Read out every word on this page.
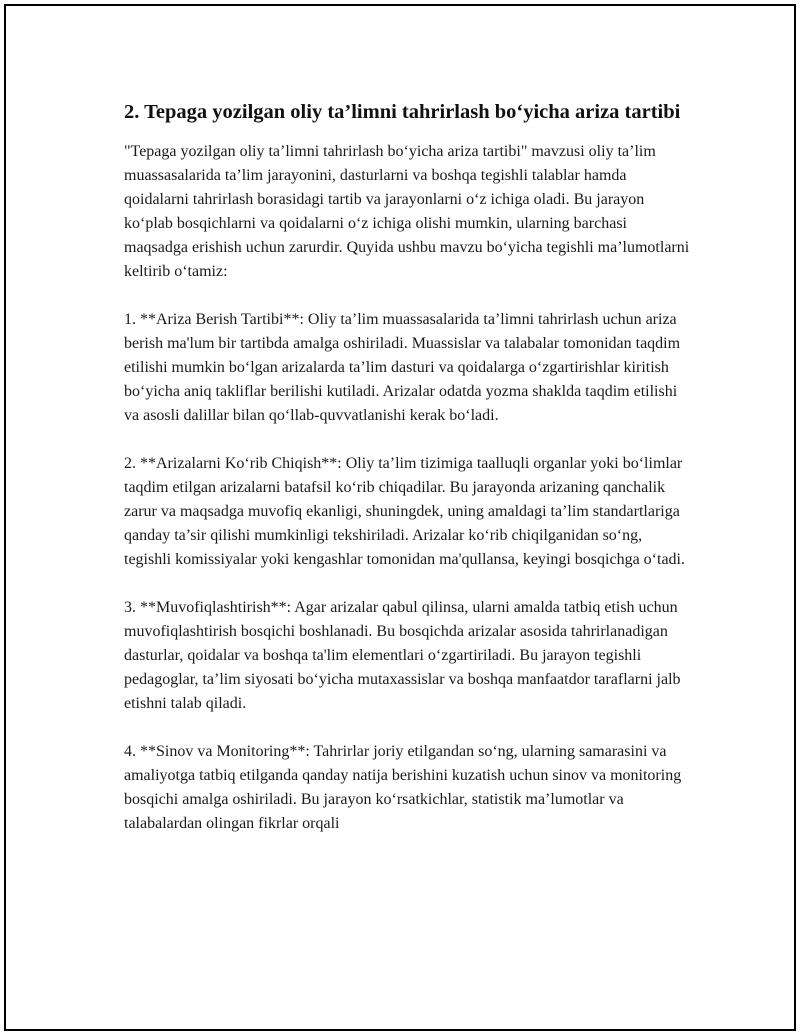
2. Tepaga yozilgan oliy ta’limni tahrirlash bo‘yicha ariza tartibi

"Tepaga yozilgan oliy ta’limni tahrirlash bo‘yicha ariza tartibi" mavzusi oliy ta’lim muassasalarida ta’lim jarayonini, dasturlarni va boshqa tegishli talablar hamda qoidalarni tahrirlash borasidagi tartib va jarayonlarni o‘z ichiga oladi. Bu jarayon ko‘plab bosqichlarni va qoidalarni o‘z ichiga olishi mumkin, ularning barchasi maqsadga erishish uchun zarurdir. Quyida ushbu mavzu bo‘yicha tegishli ma’lumotlarni keltirib o‘tamiz:

1. **Ariza Berish Tartibi**: Oliy ta’lim muassasalarida ta’limni tahrirlash uchun ariza berish ma'lum bir tartibda amalga oshiriladi. Muassislar va talabalar tomonidan taqdim etilishi mumkin bo‘lgan arizalarda ta’lim dasturi va qoidalarga o‘zgartirishlar kiritish bo‘yicha aniq takliflar berilishi kutiladi. Arizalar odatda yozma shaklda taqdim etilishi va asosli dalillar bilan qo‘llab-quvvatlanishi kerak bo‘ladi.

2. **Arizalarni Ko‘rib Chiqish**: Oliy ta’lim tizimiga taalluqli organlar yoki bo‘limlar taqdim etilgan arizalarni batafsil ko‘rib chiqadilar. Bu jarayonda arizaning qanchalik zarur va maqsadga muvofiq ekanligi, shuningdek, uning amaldagi ta’lim standartlariga qanday ta’sir qilishi mumkinligi tekshiriladi. Arizalar ko‘rib chiqilganidan so‘ng, tegishli komissiyalar yoki kengashlar tomonidan ma'qullansa, keyingi bosqichga o‘tadi.

3. **Muvofiqlashtirish**: Agar arizalar qabul qilinsa, ularni amalda tatbiq etish uchun muvofiqlashtirish bosqichi boshlanadi. Bu bosqichda arizalar asosida tahrirlanadigan dasturlar, qoidalar va boshqa ta'lim elementlari o‘zgartiriladi. Bu jarayon tegishli pedagoglar, ta’lim siyosati bo‘yicha mutaxassislar va boshqa manfaatdor taraflarni jalb etishni talab qiladi.

4. **Sinov va Monitoring**: Tahrirlar joriy etilgandan so‘ng, ularning samarasini va amaliyotga tatbiq etilganda qanday natija berishini kuzatish uchun sinov va monitoring bosqichi amalga oshiriladi. Bu jarayon ko‘rsatkichlar, statistik ma’lumotlar va talabalardan olingan fikrlar orqali
